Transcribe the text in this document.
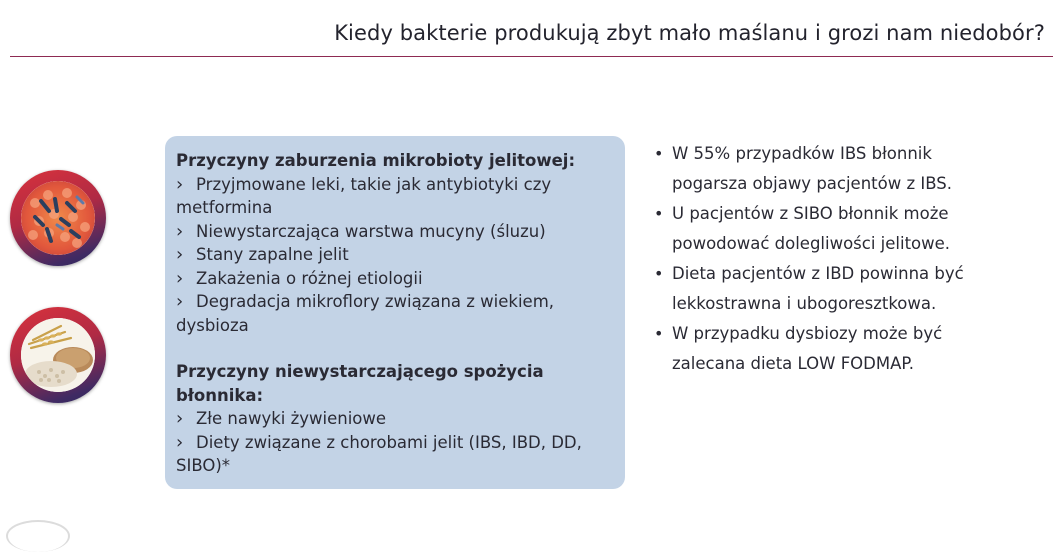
Kiedy bakterie produkują zbyt mało maślanu i grozi nam niedobór?
Przyczyny zaburzenia mikrobioty jelitowej:
› Przyjmowane leki, takie jak antybiotyki czy
metformina
› Niewystarczająca warstwa mucyny (śluzu)
› Stany zapalne jelit
› Zakażenia o różnej etiologii
› Degradacja mikroflory związana z wiekiem,
dysbioza
Przyczyny niewystarczającego spożycia błonnika:
› Złe nawyki żywieniowe
› Diety związane z chorobami jelit (IBS, IBD, DD,
SIBO)*
• W 55% przypadków IBS błonnik
pogarsza objawy pacjentów z IBS.
• U pacjentów z SIBO błonnik może
powodować dolegliwości jelitowe.
• Dieta pacjentów z IBD powinna być
lekkostrawna i ubogoresztkowa.
• W przypadku dysbiozy może być
zalecana dieta LOW FODMAP.
